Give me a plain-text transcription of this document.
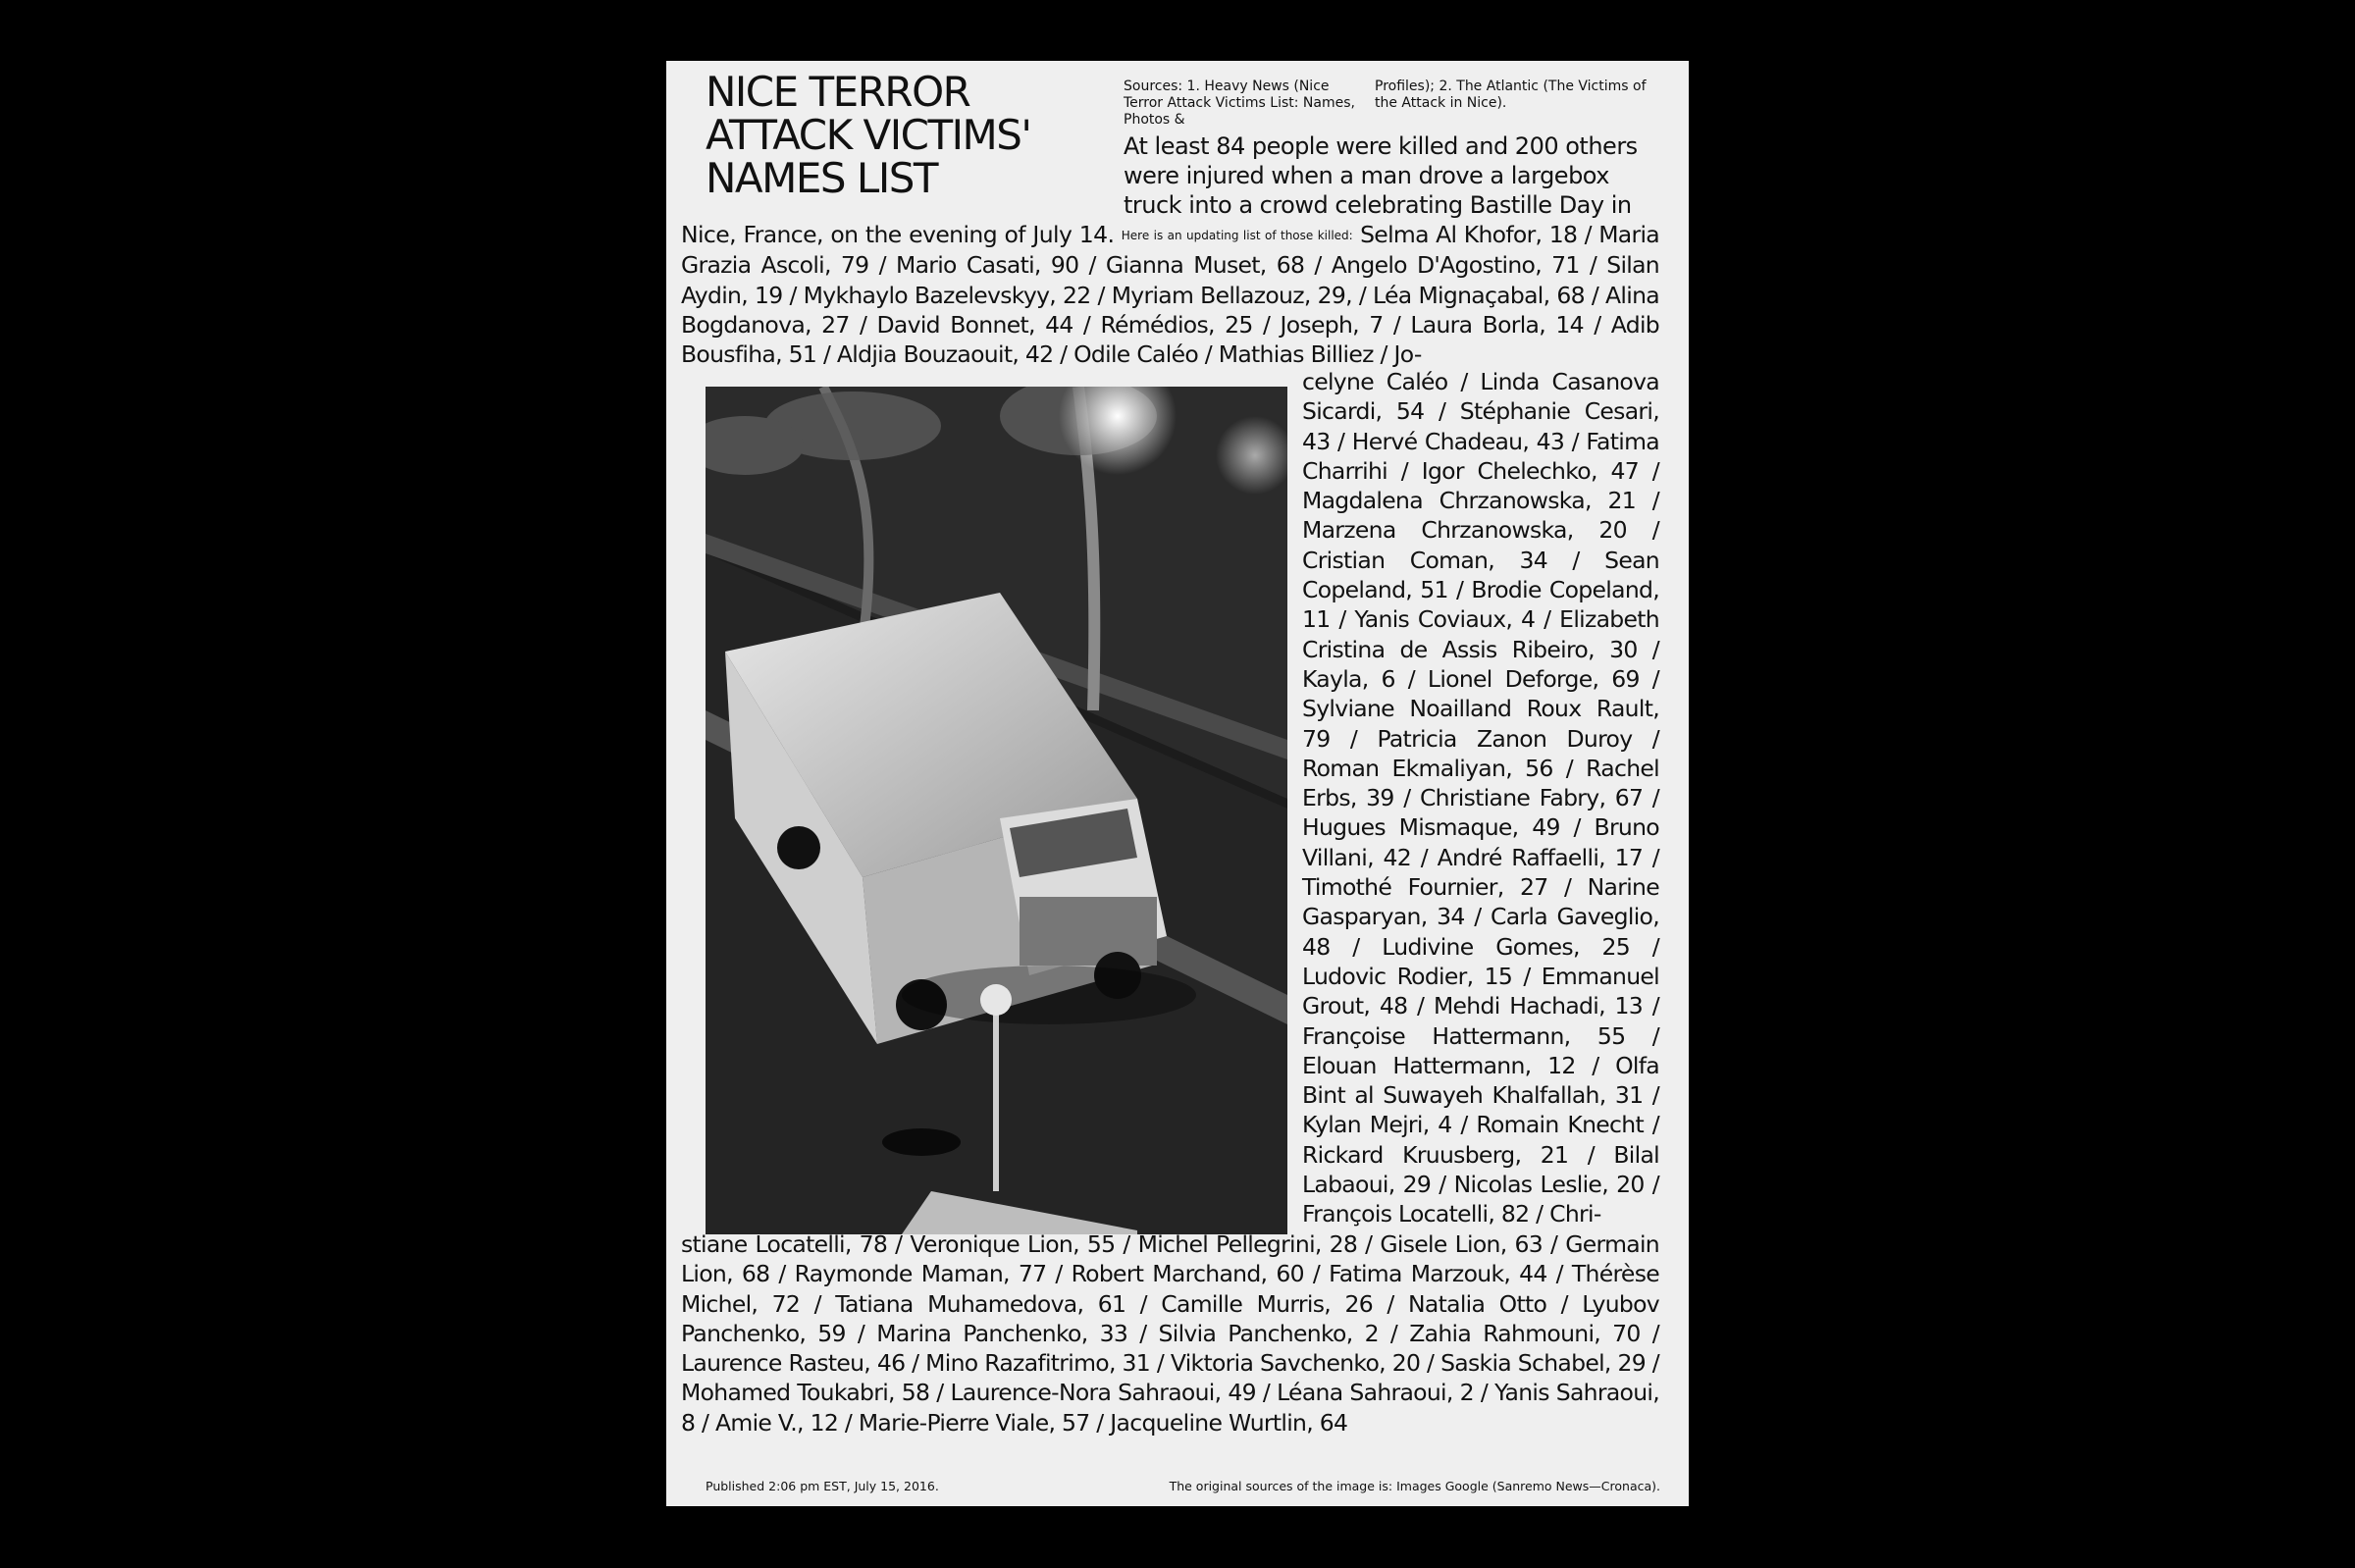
NICE TERROR ATTACK VICTIMS' NAMES LIST
Sources: 1. Heavy News (Nice Terror Attack Victims List: Names, Photos &
Profiles); 2. The Atlantic (The Victims of the Attack in Nice).

At least 84 people were killed and 200 others were injured when a man drove a largebox truck into a crowd celebrating Bastille Day in

Nice, France, on the evening of July 14. Here is an updating list of those killed: Selma Al Khofor, 18 / Maria Grazia Ascoli, 79 / Mario Casati, 90 / Gianna Muset, 68 / Angelo D'Agostino, 71 / Silan Aydin, 19 / Mykhaylo Bazelevskyy, 22 / Myriam Bellazouz, 29, / Léa Mignaçabal, 68 / Alina Bogdanova, 27 / David Bonnet, 44 / Rémédios, 25 / Joseph, 7 / Laura Borla, 14 / Adib Bousfiha, 51 / Aldjia Bouzaouit, 42 / Odile Caléo / Mathias Billiez / Jo-

celyne Caléo / Linda Casanova Sicardi, 54 / Stéphanie Cesari, 43 / Hervé Chadeau, 43 / Fatima Charrihi / Igor Chelechko, 47 / Magdalena Chrzanowska, 21 / Marzena Chrzanowska, 20 / Cristian Coman, 34 / Sean Copeland, 51 / Brodie Copeland, 11 / Yanis Coviaux, 4 / Elizabeth Cristina de Assis Ribeiro, 30 / Kayla, 6 / Lionel Deforge, 69 / Sylviane Noailland Roux Rault, 79 / Patricia Zanon Duroy / Roman Ekmaliyan, 56 / Rachel Erbs, 39 / Christiane Fabry, 67 / Hugues Mismaque, 49 / Bruno Villani, 42 / André Raffaelli, 17 / Timothé Fournier, 27 / Narine Gasparyan, 34 / Carla Gaveglio, 48 / Ludivine Gomes, 25 / Ludovic Rodier, 15 / Emmanuel Grout, 48 / Mehdi Hachadi, 13 / Françoise Hattermann, 55 / Elouan Hattermann, 12 / Olfa Bint al Suwayeh Khalfallah, 31 / Kylan Mejri, 4 / Romain Knecht / Rickard Kruusberg, 21 / Bilal Labaoui, 29 / Nicolas Leslie, 20 / François Locatelli, 82 / Chri-

stiane Locatelli, 78 / Veronique Lion, 55 / Michel Pellegrini, 28 / Gisele Lion, 63 / Germain Lion, 68 / Raymonde Maman, 77 / Robert Marchand, 60 / Fatima Marzouk, 44 / Thérèse Michel, 72 / Tatiana Muhamedova, 61 / Camille Murris, 26 / Natalia Otto / Lyubov Panchenko, 59 / Marina Panchenko, 33 / Silvia Panchenko, 2 / Zahia Rahmouni, 70 / Laurence Rasteu, 46 / Mino Razafitrimo, 31 / Viktoria Savchenko, 20 / Saskia Schabel, 29 / Mohamed Toukabri, 58 / Laurence-Nora Sahraoui, 49 / Léana Sahraoui, 2 / Yanis Sahraoui, 8 / Amie V., 12 / Marie-Pierre Viale, 57 / Jacqueline Wurtlin, 64

Published 2:06 pm EST, July 15, 2016.	The original sources of the image is: Images Google (Sanremo News—Cronaca).
